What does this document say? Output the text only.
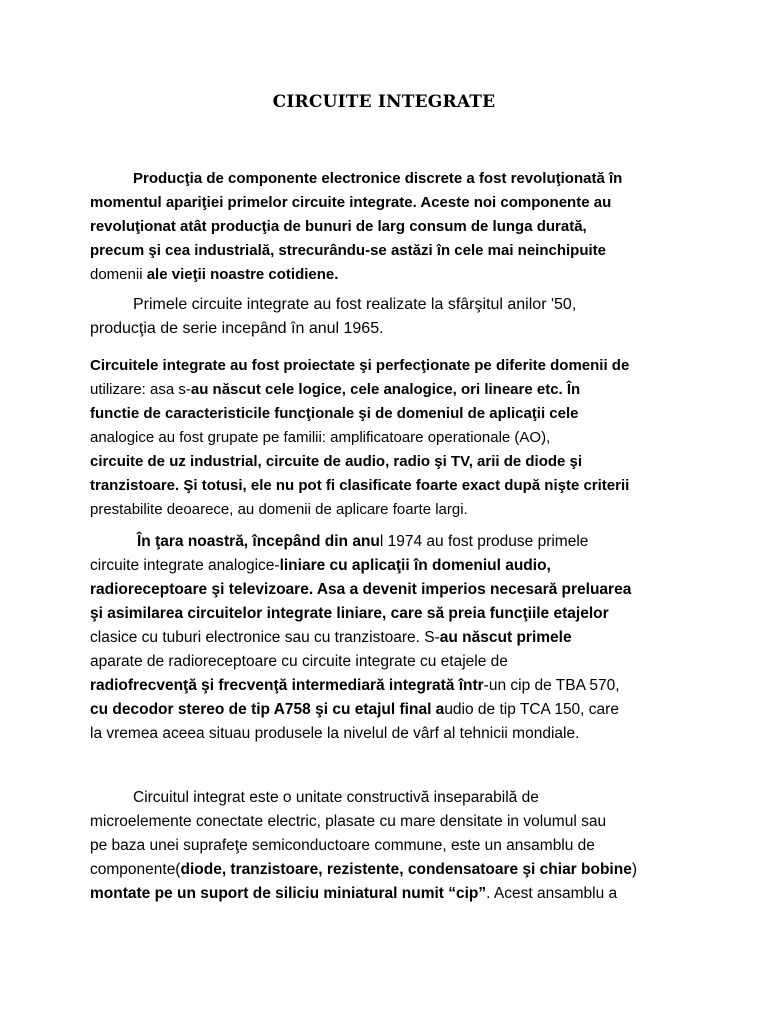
CIRCUITE INTEGRATE

Producţia de componente electronice discrete a fost revoluţionată în
momentul apariţiei primelor circuite integrate. Aceste noi componente au
revoluţionat atât producţia de bunuri de larg consum de lunga durată,
precum şi cea industrială, strecurându-se astăzi în cele mai neinchipuite
domenii ale vieţii noastre cotidiene.

Primele circuite integrate au fost realizate la sfârşitul anilor '50,
producţia de serie incepând în anul 1965.

Circuitele integrate au fost proiectate şi perfecţionate pe diferite domenii de
utilizare: asa s-au născut cele logice, cele analogice, ori lineare etc. În
functie de caracteristicile funcţionale şi de domeniul de aplicaţii cele
analogice au fost grupate pe familii: amplificatoare operationale (AO),
circuite de uz industrial, circuite de audio, radio şi TV, arii de diode şi
tranzistoare. Şi totusi, ele nu pot fi clasificate foarte exact după nişte criterii
prestabilite deoarece, au domenii de aplicare foarte largi.

În ţara noastră, începând din anul 1974 au fost produse primele
circuite integrate analogice-liniare cu aplicaţii în domeniul audio,
radioreceptoare şi televizoare. Asa a devenit imperios necesară preluarea
şi asimilarea circuitelor integrate liniare, care să preia funcţiile etajelor
clasice cu tuburi electronice sau cu tranzistoare. S-au născut primele
aparate de radioreceptoare cu circuite integrate cu etajele de
radiofrecvenţă şi frecvenţă intermediară integrată într-un cip de TBA 570,
cu decodor stereo de tip A758 şi cu etajul final audio de tip TCA 150, care
la vremea aceea situau produsele la nivelul de vârf al tehnicii mondiale.

Circuitul integrat este o unitate constructivă inseparabilă de
microelemente conectate electric, plasate cu mare densitate in volumul sau
pe baza unei suprafeţe semiconductoare commune, este un ansamblu de
componente(diode, tranzistoare, rezistente, condensatoare şi chiar bobine)
montate pe un suport de siliciu miniatural numit “cip”. Acest ansamblu a
